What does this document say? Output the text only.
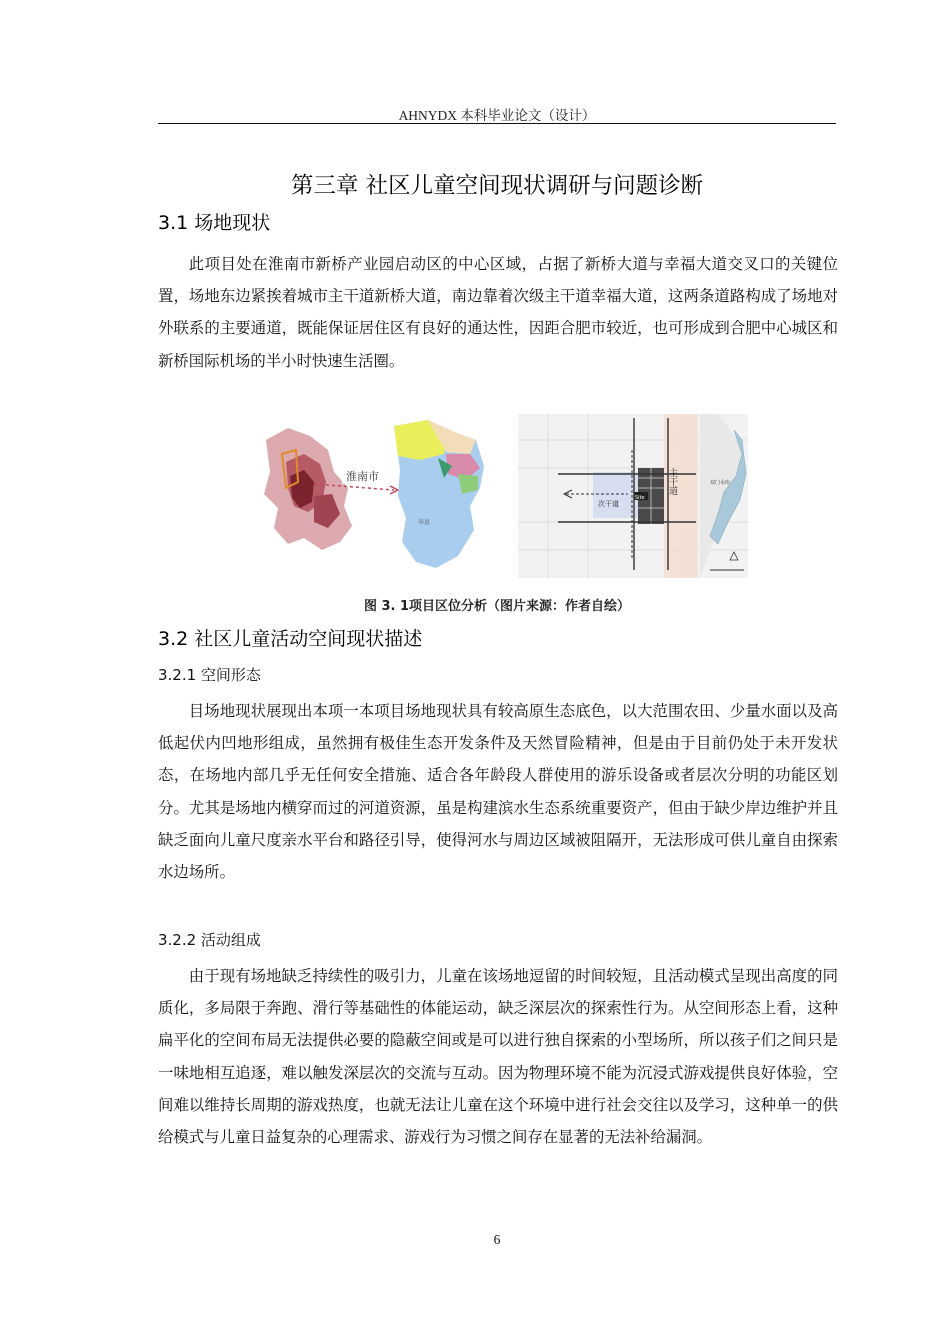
AHNYDX 本科毕业论文（设计）
第三章 社区儿童空间现状调研与问题诊断
3.1 场地现状

此项目处在淮南市新桥产业园启动区的中心区域，占据了新桥大道与幸福大道交叉口的关键位置，场地东边紧挨着城市主干道新桥大道，南边靠着次级主干道幸福大道，这两条道路构成了场地对外联系的主要通道，既能保证居住区有良好的通达性，因距合肥市较近，也可形成到合肥中心城区和新桥国际机场的半小时快速生活圈。

淮南市
寿县
Site
主干道
次干道
双门水库
图 3. 1项目区位分析（图片来源：作者自绘）
3.2 社区儿童活动空间现状描述
3.2.1 空间形态

目场地现状展现出本项一本项目场地现状具有较高原生态底色，以大范围农田、少量水面以及高低起伏内凹地形组成，虽然拥有极佳生态开发条件及天然冒险精神，但是由于目前仍处于未开发状态，在场地内部几乎无任何安全措施、适合各年龄段人群使用的游乐设备或者层次分明的功能区划分。尤其是场地内横穿而过的河道资源，虽是构建滨水生态系统重要资产，但由于缺少岸边维护并且缺乏面向儿童尺度亲水平台和路径引导，使得河水与周边区域被阻隔开，无法形成可供儿童自由探索水边场所。

3.2.2 活动组成

由于现有场地缺乏持续性的吸引力，儿童在该场地逗留的时间较短，且活动模式呈现出高度的同质化，多局限于奔跑、滑行等基础性的体能运动，缺乏深层次的探索性行为。从空间形态上看，这种扁平化的空间布局无法提供必要的隐蔽空间或是可以进行独自探索的小型场所，所以孩子们之间只是一味地相互追逐，难以触发深层次的交流与互动。因为物理环境不能为沉浸式游戏提供良好体验，空间难以维持长周期的游戏热度，也就无法让儿童在这个环境中进行社会交往以及学习，这种单一的供给模式与儿童日益复杂的心理需求、游戏行为习惯之间存在显著的无法补给漏洞。

6
